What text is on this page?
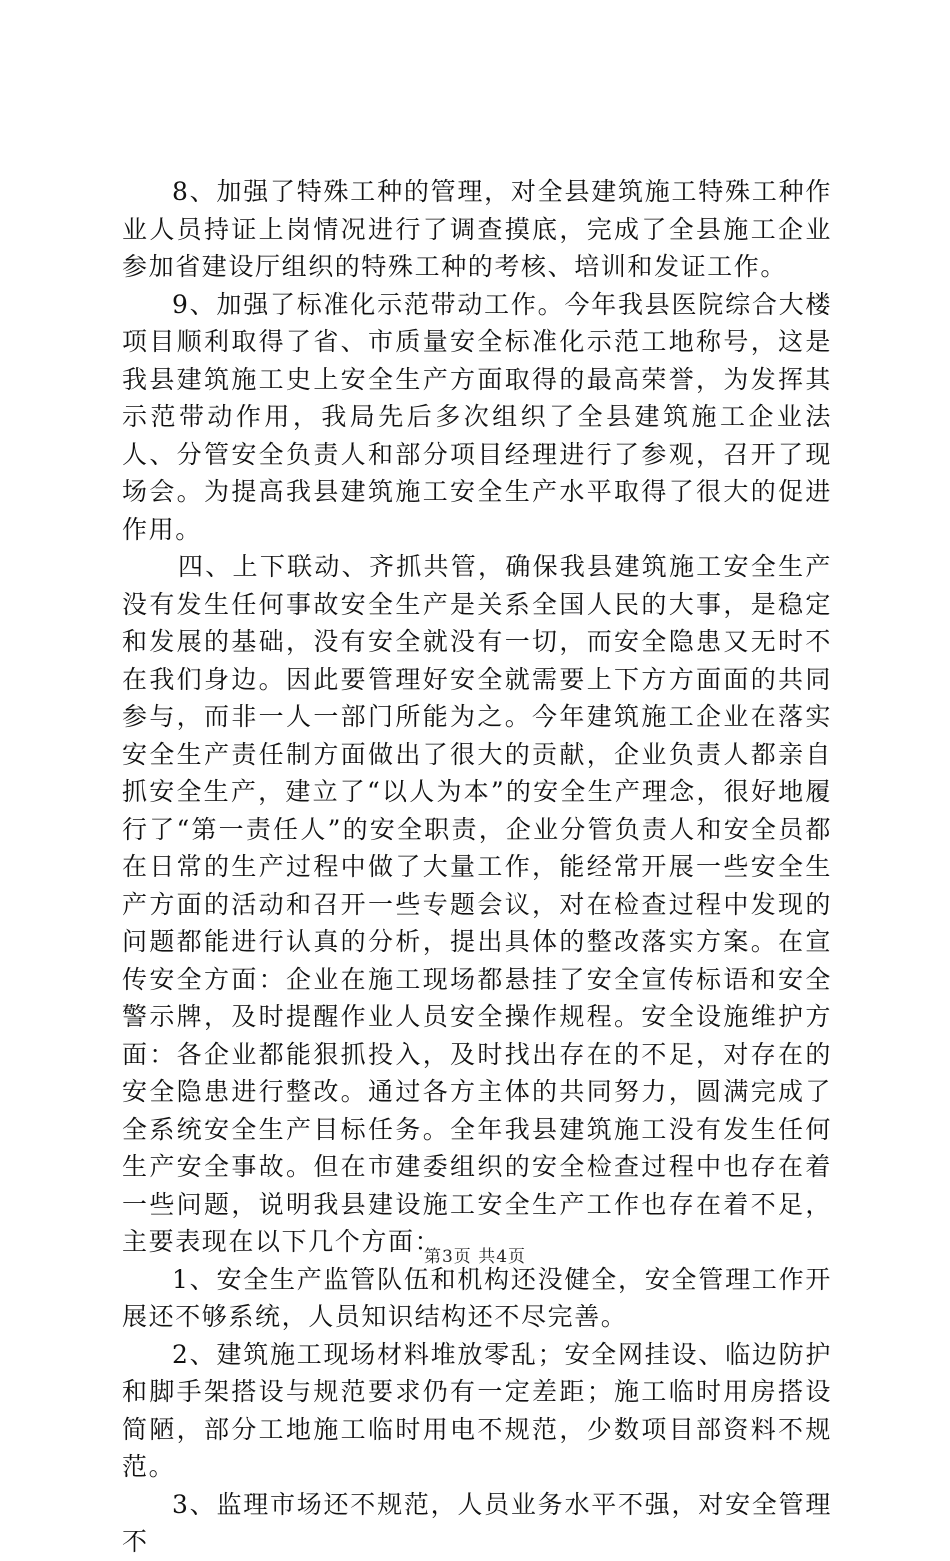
8、加强了特殊工种的管理，对全县建筑施工特殊工种作业人员持证上岗情况进行了调查摸底，完成了全县施工企业参加省建设厅组织的特殊工种的考核、培训和发证工作。

9、加强了标准化示范带动工作。今年我县医院综合大楼项目顺利取得了省、市质量安全标准化示范工地称号，这是我县建筑施工史上安全生产方面取得的最高荣誉，为发挥其示范带动作用，我局先后多次组织了全县建筑施工企业法人、分管安全负责人和部分项目经理进行了参观，召开了现场会。为提高我县建筑施工安全生产水平取得了很大的促进作用。

四、上下联动、齐抓共管，确保我县建筑施工安全生产没有发生任何事故安全生产是关系全国人民的大事，是稳定和发展的基础，没有安全就没有一切，而安全隐患又无时不在我们身边。因此要管理好安全就需要上下方方面面的共同参与，而非一人一部门所能为之。今年建筑施工企业在落实安全生产责任制方面做出了很大的贡献，企业负责人都亲自抓安全生产，建立了“以人为本”的安全生产理念，很好地履行了“第一责任人”的安全职责，企业分管负责人和安全员都在日常的生产过程中做了大量工作，能经常开展一些安全生产方面的活动和召开一些专题会议，对在检查过程中发现的问题都能进行认真的分析，提出具体的整改落实方案。在宣传安全方面：企业在施工现场都悬挂了安全宣传标语和安全警示牌，及时提醒作业人员安全操作规程。安全设施维护方面：各企业都能狠抓投入，及时找出存在的不足，对存在的安全隐患进行整改。通过各方主体的共同努力，圆满完成了全系统安全生产目标任务。全年我县建筑施工没有发生任何生产安全事故。但在市建委组织的安全检查过程中也存在着一些问题，说明我县建设施工安全生产工作也存在着不足，主要表现在以下几个方面：

1、安全生产监管队伍和机构还没健全，安全管理工作开展还不够系统，人员知识结构还不尽完善。

2、建筑施工现场材料堆放零乱；安全网挂设、临边防护和脚手架搭设与规范要求仍有一定差距；施工临时用房搭设简陋，部分工地施工临时用电不规范，少数项目部资料不规范。

3、监理市场还不规范，人员业务水平不强，对安全管理不

第3页 共4页
